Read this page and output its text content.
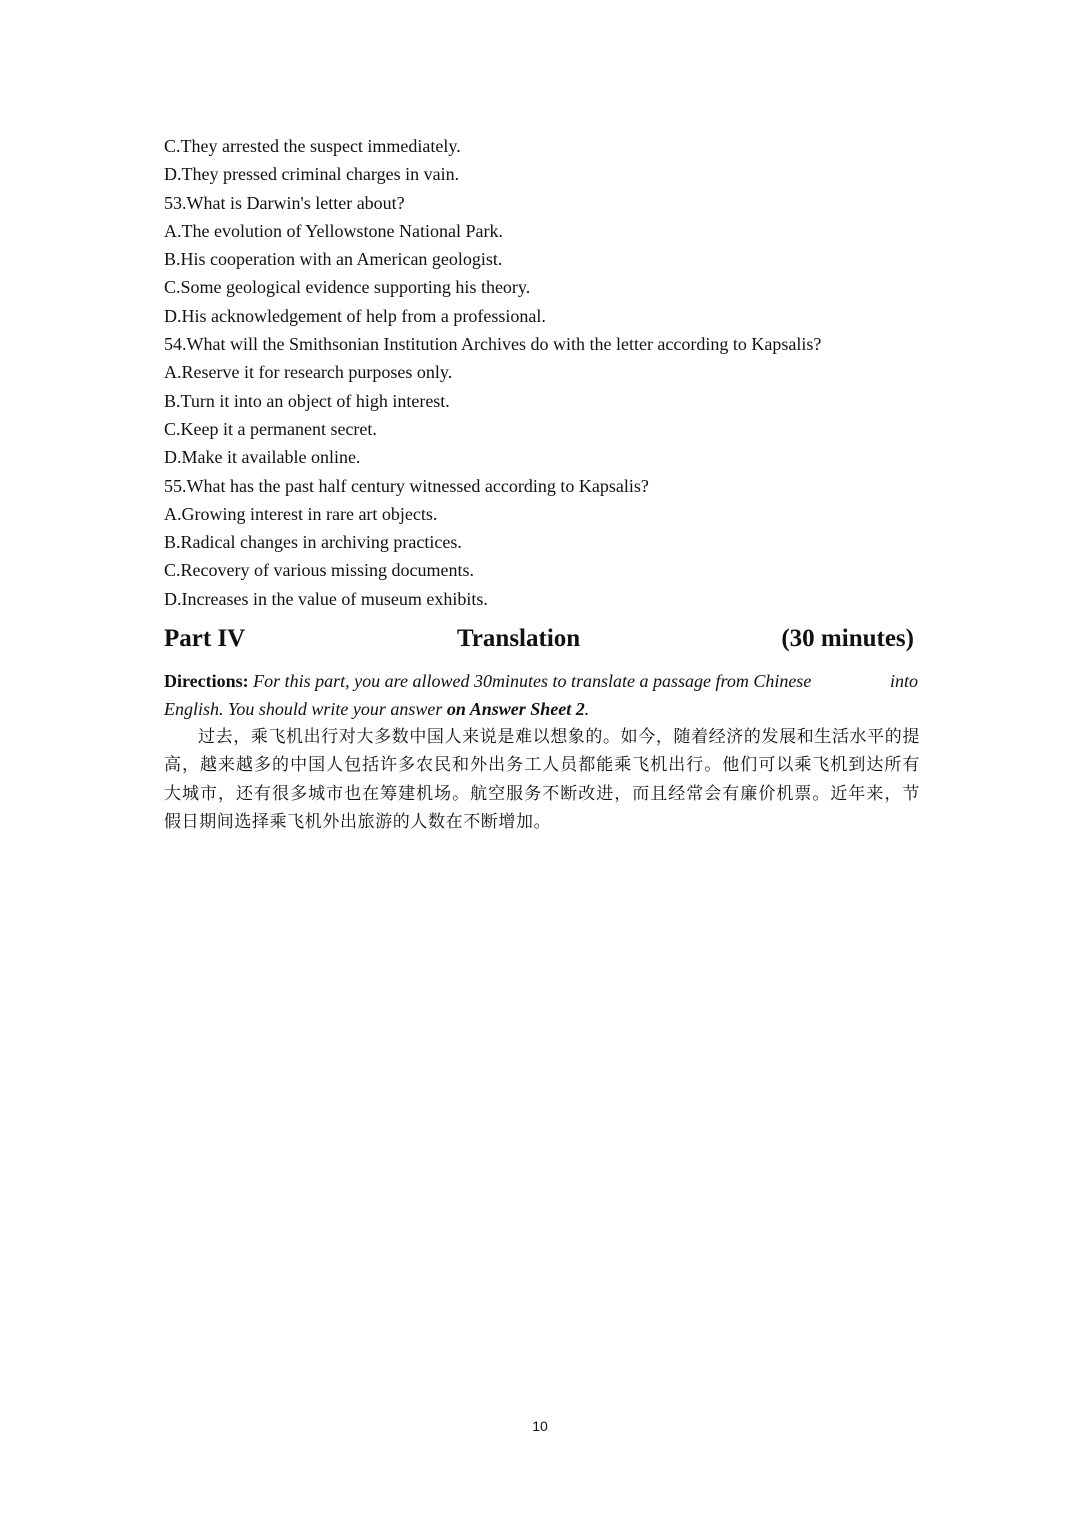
C.They arrested the suspect immediately.
D.They pressed criminal charges in vain.
53.What is Darwin's letter about?
A.The evolution of Yellowstone National Park.
B.His cooperation with an American geologist.
C.Some geological evidence supporting his theory.
D.His acknowledgement of help from a professional.
54.What will the Smithsonian Institution Archives do with the letter according to Kapsalis?
A.Reserve it for research purposes only.
B.Turn it into an object of high interest.
C.Keep it a permanent secret.
D.Make it available online.
55.What has the past half century witnessed according to Kapsalis?
A.Growing interest in rare art objects.
B.Radical changes in archiving practices.
C.Recovery of various missing documents.
D.Increases in the value of museum exhibits.
Part IV	Translation	(30 minutes)
Directions: For this part, you are allowed 30minutes to translate a passage from Chinese	into
English. You should write your answer on Answer Sheet 2.
过去，乘飞机出行对大多数中国人来说是难以想象的。如今，随着经济的发展和生活水平的提高，越来越多的中国人包括许多农民和外出务工人员都能乘飞机出行。他们可以乘飞机到达所有大城市，还有很多城市也在筹建机场。航空服务不断改进，而且经常会有廉价机票。近年来，节假日期间选择乘飞机外出旅游的人数在不断增加。
10
